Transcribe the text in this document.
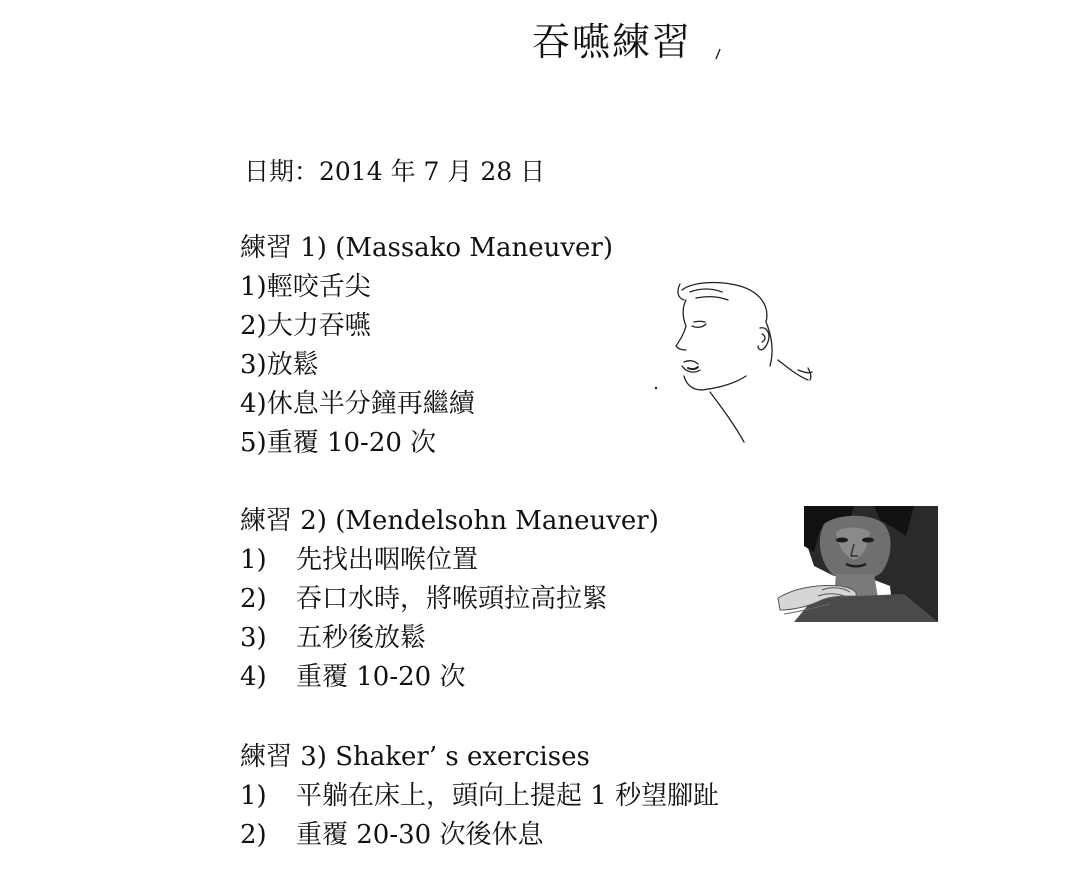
吞嚥練習
日期：2014 年 7 月 28 日
練習 1) (Massako Maneuver)
1)輕咬舌尖
2)大力吞嚥
3)放鬆
4)休息半分鐘再繼續
5)重覆 10-20 次
練習 2) (Mendelsohn Maneuver)
1) 先找出咽喉位置
2) 吞口水時，將喉頭拉高拉緊
3) 五秒後放鬆
4) 重覆 10-20 次
練習 3) Shaker’ s exercises
1) 平躺在床上，頭向上提起 1 秒望腳趾
2) 重覆 20-30 次後休息
